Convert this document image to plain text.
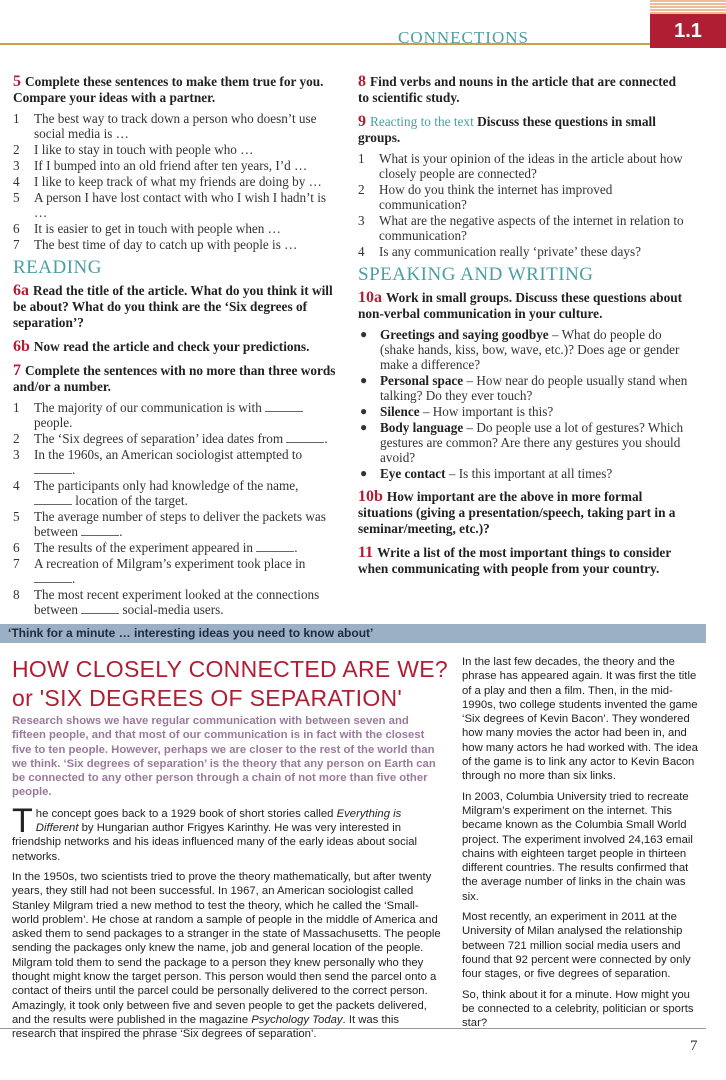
CONNECTIONS	1.1
5 Complete these sentences to make them true for you. Compare your ideas with a partner.
1	The best way to track down a person who doesn’t use social media is …
2	I like to stay in touch with people who …
3	If I bumped into an old friend after ten years, I’d …
4	I like to keep track of what my friends are doing by …
5	A person I have lost contact with who I wish I hadn’t is …
6	It is easier to get in touch with people when …
7	The best time of day to catch up with people is …
READING
6a Read the title of the article. What do you think it will be about? What do you think are the ‘Six degrees of separation’?
6b Now read the article and check your predictions.
7 Complete the sentences with no more than three words and/or a number.
1	The majority of our communication is with  people.
2	The ‘Six degrees of separation’ idea dates from	.
3	In the 1960s, an American sociologist attempted to .
4	The participants only had knowledge of the name,  location of the target.
5	The average number of steps to deliver the packets was between	.
6	The results of the experiment appeared in	.
7	A recreation of Milgram’s experiment took place in .
8	The most recent experiment looked at the connections between	social-media users.
8 Find verbs and nouns in the article that are connected to scientific study.
9 Reacting to the text Discuss these questions in small groups.
1	What is your opinion of the ideas in the article about how closely people are connected?
2	How do you think the internet has improved communication?
3	What are the negative aspects of the internet in relation to communication?
4	Is any communication really ‘private’ these days?
SPEAKING AND WRITING
10a Work in small groups. Discuss these questions about non-verbal communication in your culture.
● Greetings and saying goodbye – What do people do (shake hands, kiss, bow, wave, etc.)? Does age or gender make a difference?
● Personal space – How near do people usually stand when talking? Do they ever touch?
● Silence – How important is this?
● Body language – Do people use a lot of gestures? Which gestures are common? Are there any gestures you should avoid?
● Eye contact – Is this important at all times?
10b How important are the above in more formal situations (giving a presentation/speech, taking part in a seminar/meeting, etc.)?
11 Write a list of the most important things to consider when communicating with people from your country.
‘Think for a minute … interesting ideas you need to know about’
HOW CLOSELY CONNECTED ARE WE? or 'SIX DEGREES OF SEPARATION'
Research shows we have regular communication with between seven and fifteen people, and that most of our communication is in fact with the closest five to ten people. However, perhaps we are closer to the rest of the world than we think. ‘Six degrees of separation’ is the theory that any person on Earth can be connected to any other person through a chain of not more than five other people.
The concept goes back to a 1929 book of short stories called Everything is Different by Hungarian author Frigyes Karinthy. He was very interested in friendship networks and his ideas influenced many of the early ideas about social networks.
In the 1950s, two scientists tried to prove the theory mathematically, but after twenty years, they still had not been successful. In 1967, an American sociologist called Stanley Milgram tried a new method to test the theory, which he called the ‘Small-world problem’. He chose at random a sample of people in the middle of America and asked them to send packages to a stranger in the state of Massachusetts. The people sending the packages only knew the name, job and general location of the people. Milgram told them to send the package to a person they knew personally who they thought might know the target person. This person would then send the parcel onto a contact of theirs until the parcel could be personally delivered to the correct person. Amazingly, it took only between five and seven people to get the packets delivered, and the results were published in the magazine Psychology Today. It was this research that inspired the phrase ‘Six degrees of separation’.
In the last few decades, the theory and the phrase has appeared again. It was first the title of a play and then a film. Then, in the mid-1990s, two college students invented the game ‘Six degrees of Kevin Bacon’. They wondered how many movies the actor had been in, and how many actors he had worked with. The idea of the game is to link any actor to Kevin Bacon through no more than six links.
In 2003, Columbia University tried to recreate Milgram’s experiment on the internet. This became known as the Columbia Small World project. The experiment involved 24,163 email chains with eighteen target people in thirteen different countries. The results confirmed that the average number of links in the chain was six.
Most recently, an experiment in 2011 at the University of Milan analysed the relationship between 721 million social media users and found that 92 percent were connected by only four stages, or five degrees of separation.
So, think about it for a minute. How might you be connected to a celebrity, politician or sports star?
7
